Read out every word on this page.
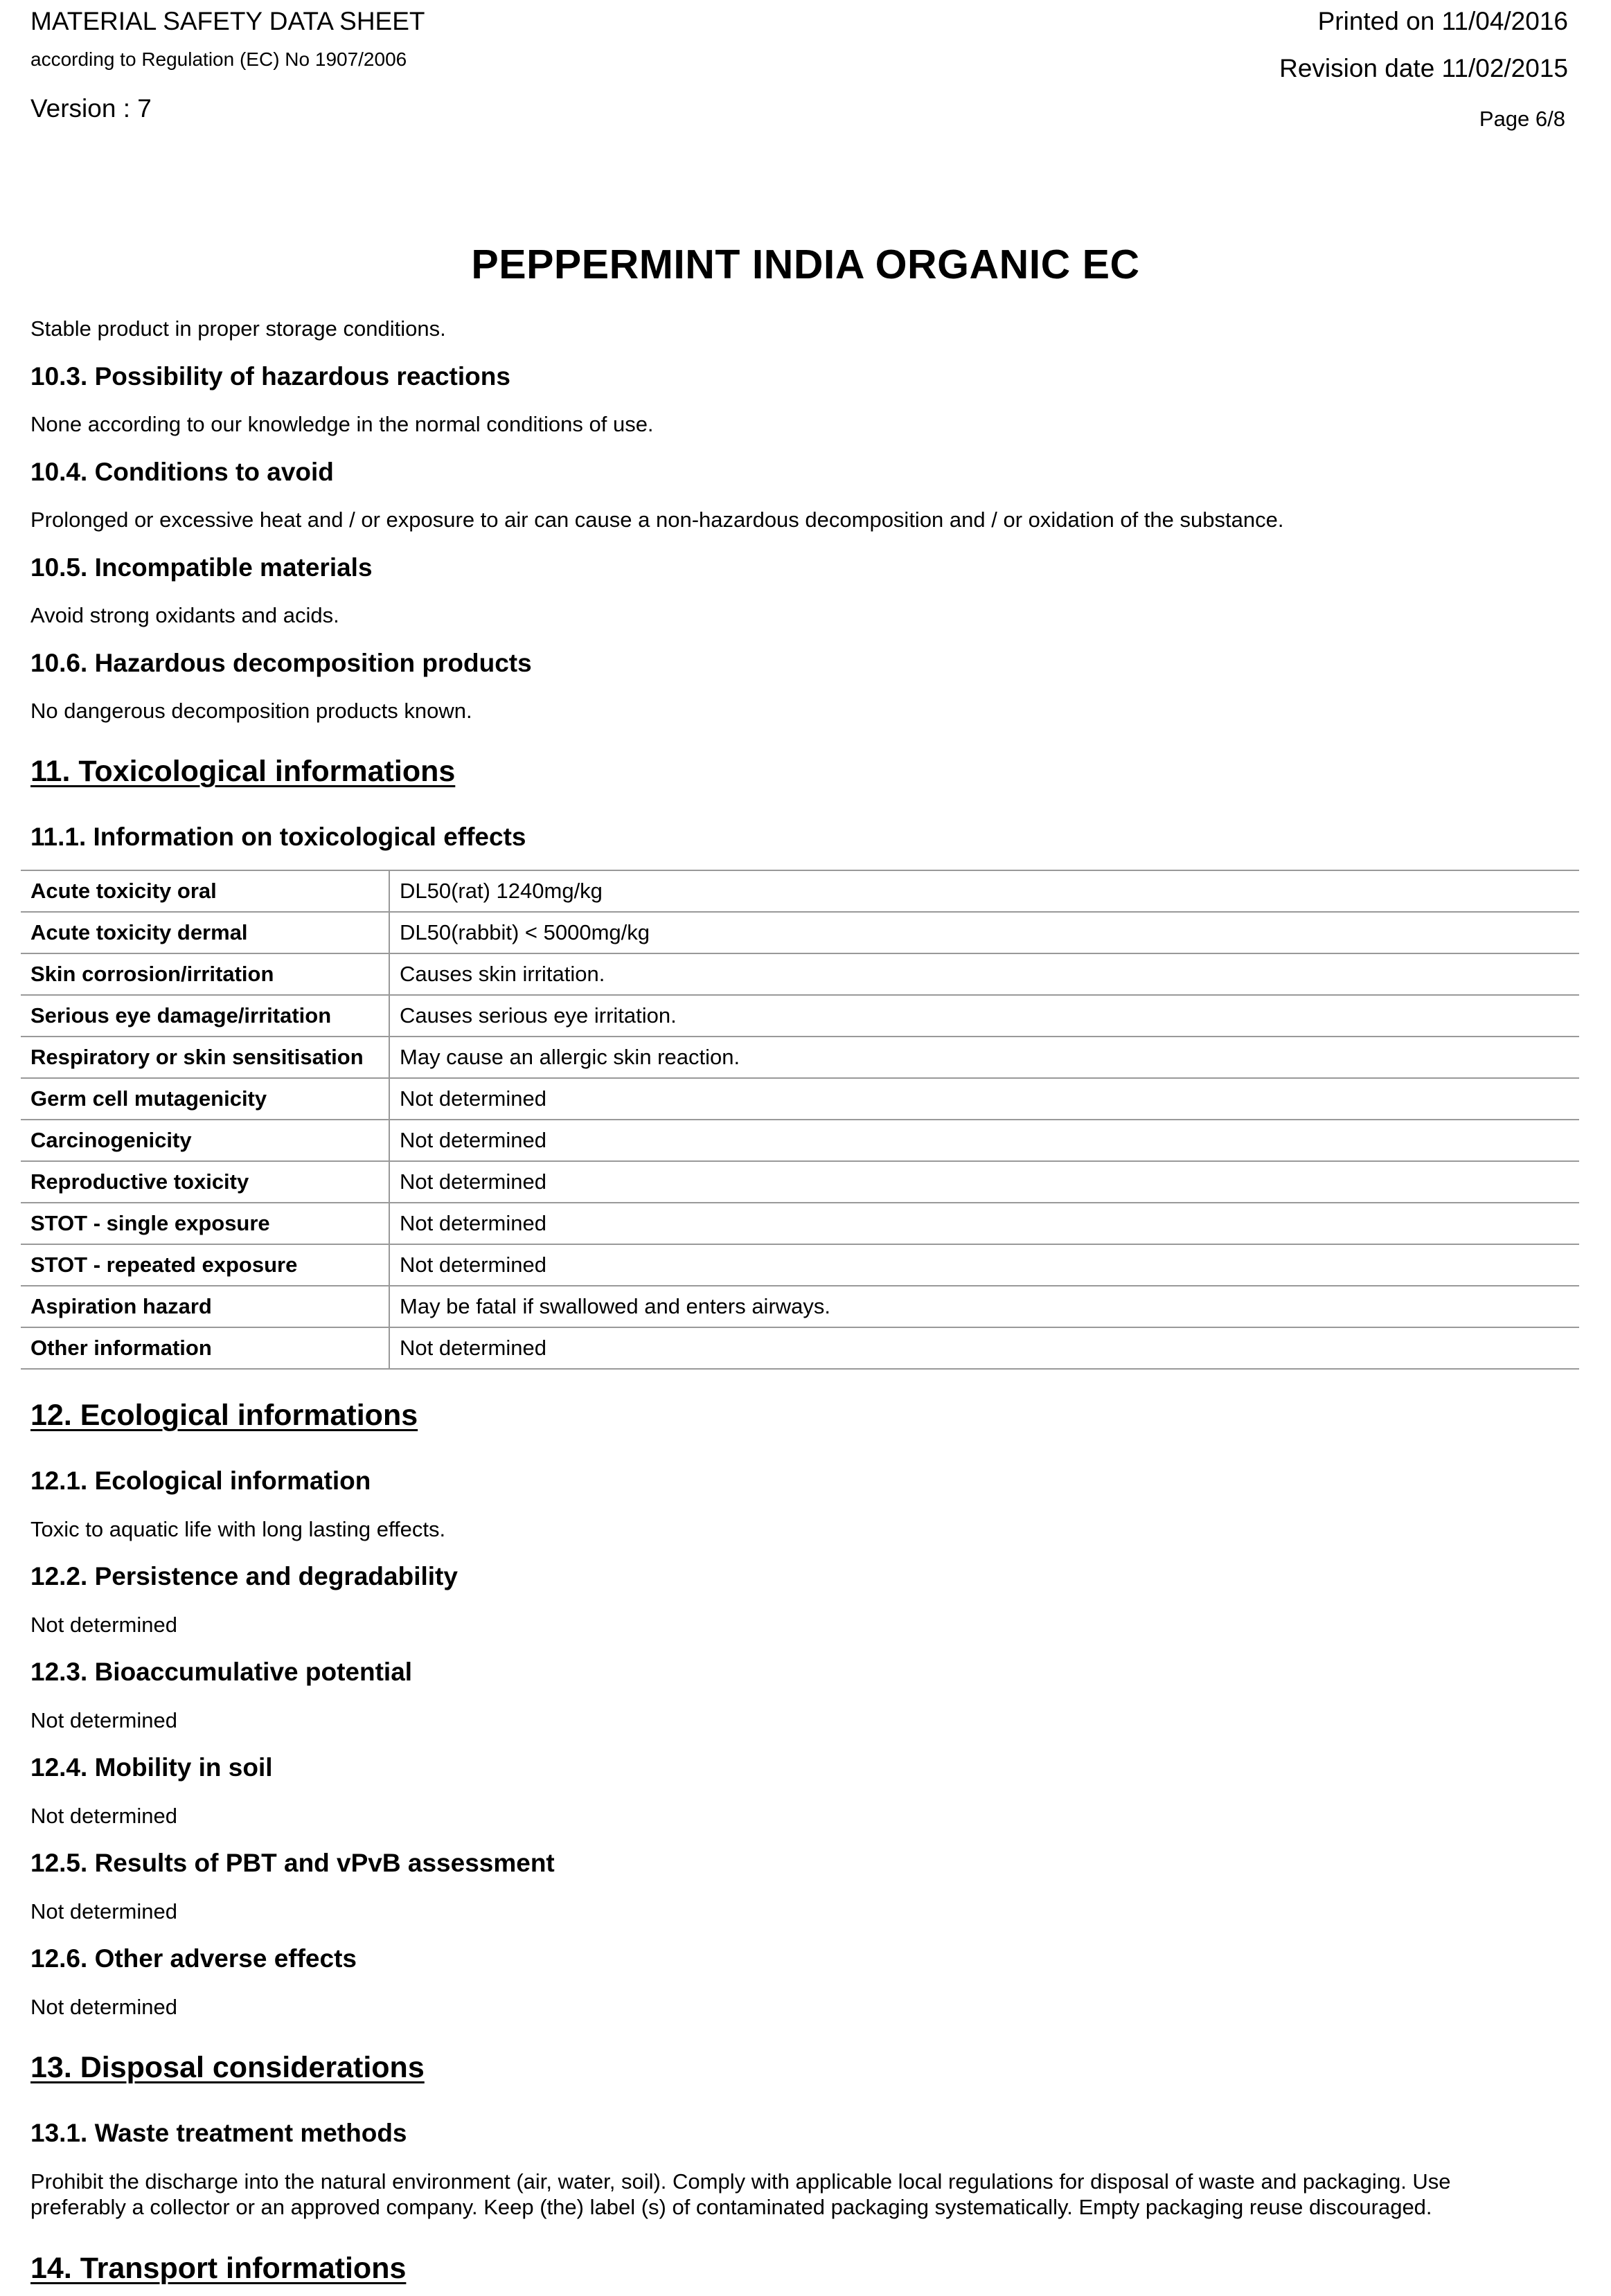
MATERIAL SAFETY DATA SHEET
according to Regulation (EC) No 1907/2006
Version : 7
Printed on 11/04/2016
Revision date 11/02/2015
Page 6/8
PEPPERMINT INDIA ORGANIC EC
Stable product in proper storage conditions.
10.3. Possibility of hazardous reactions
None according to our knowledge in the normal conditions of use.
10.4. Conditions to avoid
Prolonged or excessive heat and / or exposure to air can cause a non-hazardous decomposition and / or oxidation of the substance.
10.5. Incompatible materials
Avoid strong oxidants and acids.
10.6. Hazardous decomposition products
No dangerous decomposition products known.
11. Toxicological informations
11.1. Information on toxicological effects
Acute toxicity oral	DL50(rat) 1240mg/kg
Acute toxicity dermal	DL50(rabbit) < 5000mg/kg
Skin corrosion/irritation	Causes skin irritation.
Serious eye damage/irritation	Causes serious eye irritation.
Respiratory or skin sensitisation	May cause an allergic skin reaction.
Germ cell mutagenicity	Not determined
Carcinogenicity	Not determined
Reproductive toxicity	Not determined
STOT - single exposure	Not determined
STOT - repeated exposure	Not determined
Aspiration hazard	May be fatal if swallowed and enters airways.
Other information	Not determined
12. Ecological informations
12.1. Ecological information
Toxic to aquatic life with long lasting effects.
12.2. Persistence and degradability
Not determined
12.3. Bioaccumulative potential
Not determined
12.4. Mobility in soil
Not determined
12.5. Results of PBT and vPvB assessment
Not determined
12.6. Other adverse effects
Not determined
13. Disposal considerations
13.1. Waste treatment methods
Prohibit the discharge into the natural environment (air, water, soil). Comply with applicable local regulations for disposal of waste and packaging. Use
preferably a collector or an approved company. Keep (the) label (s) of contaminated packaging systematically. Empty packaging reuse discouraged.
14. Transport informations
